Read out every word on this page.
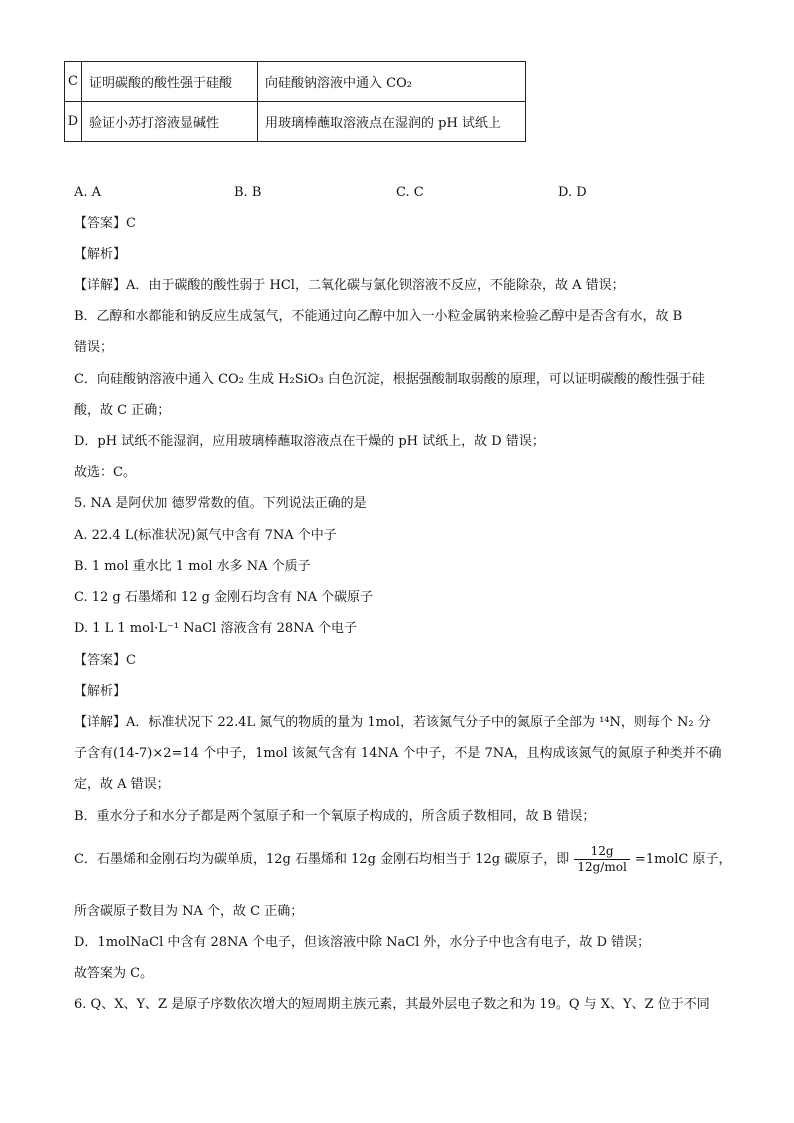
C	证明碳酸的酸性强于硅酸	向硅酸钠溶液中通入 CO₂
D	验证小苏打溶液显碱性	用玻璃棒蘸取溶液点在湿润的 pH 试纸上
A. A	B. B	C. C	D. D
【答案】C
【解析】
【详解】A．由于碳酸的酸性弱于 HCl，二氧化碳与氯化钡溶液不反应，不能除杂，故 A 错误；
B．乙醇和水都能和钠反应生成氢气，不能通过向乙醇中加入一小粒金属钠来检验乙醇中是否含有水，故 B
错误；
C．向硅酸钠溶液中通入 CO₂ 生成 H₂SiO₃ 白色沉淀，根据强酸制取弱酸的原理，可以证明碳酸的酸性强于硅
酸，故 C 正确；
D．pH 试纸不能湿润，应用玻璃棒蘸取溶液点在干燥的 pH 试纸上，故 D 错误；
故选：C。
5. NA 是阿伏加 德罗常数的值。下列说法正确的是
A. 22.4 L(标准状况)氮气中含有 7NA 个中子
B. 1 mol 重水比 1 mol 水多 NA 个质子
C. 12 g 石墨烯和 12 g 金刚石均含有 NA 个碳原子
D. 1 L 1 mol·L⁻¹ NaCl 溶液含有 28NA 个电子
【答案】C
【解析】
【详解】A．标准状况下 22.4L 氮气的物质的量为 1mol，若该氮气分子中的氮原子全部为 ¹⁴N，则每个 N₂ 分
子含有(14-7)×2=14 个中子，1mol 该氮气含有 14NA 个中子，不是 7NA，且构成该氮气的氮原子种类并不确
定，故 A 错误；
B．重水分子和水分子都是两个氢原子和一个氧原子构成的，所含质子数相同，故 B 错误；
C．石墨烯和金刚石均为碳单质，12g 石墨烯和 12g 金刚石均相当于 12g 碳原子，即 $\frac{12g}{\text{12g/mol}}$ =1molC 原子，
所含碳原子数目为 NA 个，故 C 正确；
D．1molNaCl 中含有 28NA 个电子，但该溶液中除 NaCl 外，水分子中也含有电子，故 D 错误；
故答案为 C。
6. Q、X、Y、Z 是原子序数依次增大的短周期主族元素，其最外层电子数之和为 19。Q 与 X、Y、Z 位于不同
